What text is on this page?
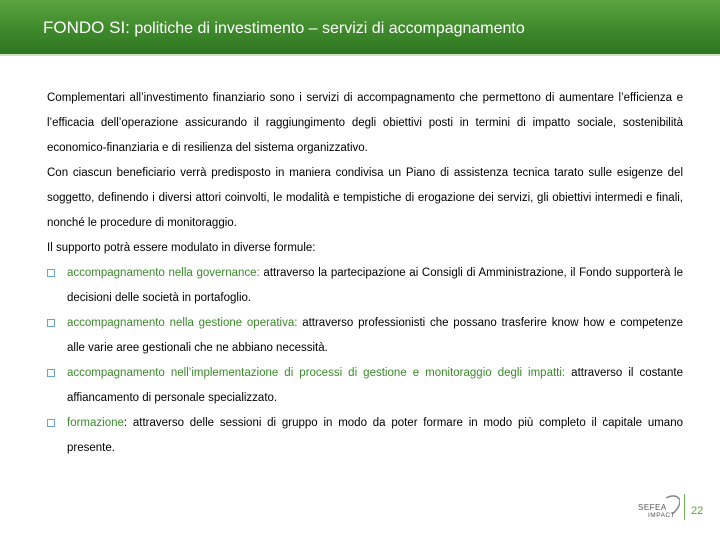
FONDO SI: politiche di investimento – servizi di accompagnamento

Complementari all’investimento finanziario sono i servizi di accompagnamento che permettono di aumentare l’efficienza e l’efficacia dell’operazione assicurando il raggiungimento degli obiettivi posti in termini di impatto sociale, sostenibilità economico-finanziaria e di resilienza del sistema organizzativo.

Con ciascun beneficiario verrà predisposto in maniera condivisa un Piano di assistenza tecnica tarato sulle esigenze del soggetto, definendo i diversi attori coinvolti, le modalità e tempistiche di erogazione dei servizi, gli obiettivi intermedi e finali, nonché le procedure di monitoraggio.

Il supporto potrà essere modulato in diverse formule:

accompagnamento nella governance: attraverso la partecipazione ai Consigli di Amministrazione, il Fondo supporterà le decisioni delle società in portafoglio.
accompagnamento nella gestione operativa: attraverso professionisti che possano trasferire know how e competenze alle varie aree gestionali che ne abbiano necessità.
accompagnamento nell’implementazione di processi di gestione e monitoraggio degli impatti: attraverso il costante affiancamento di personale specializzato.
formazione: attraverso delle sessioni di gruppo in modo da poter formare in modo più completo il capitale umano presente.
SEFEA
IMPACT 22
